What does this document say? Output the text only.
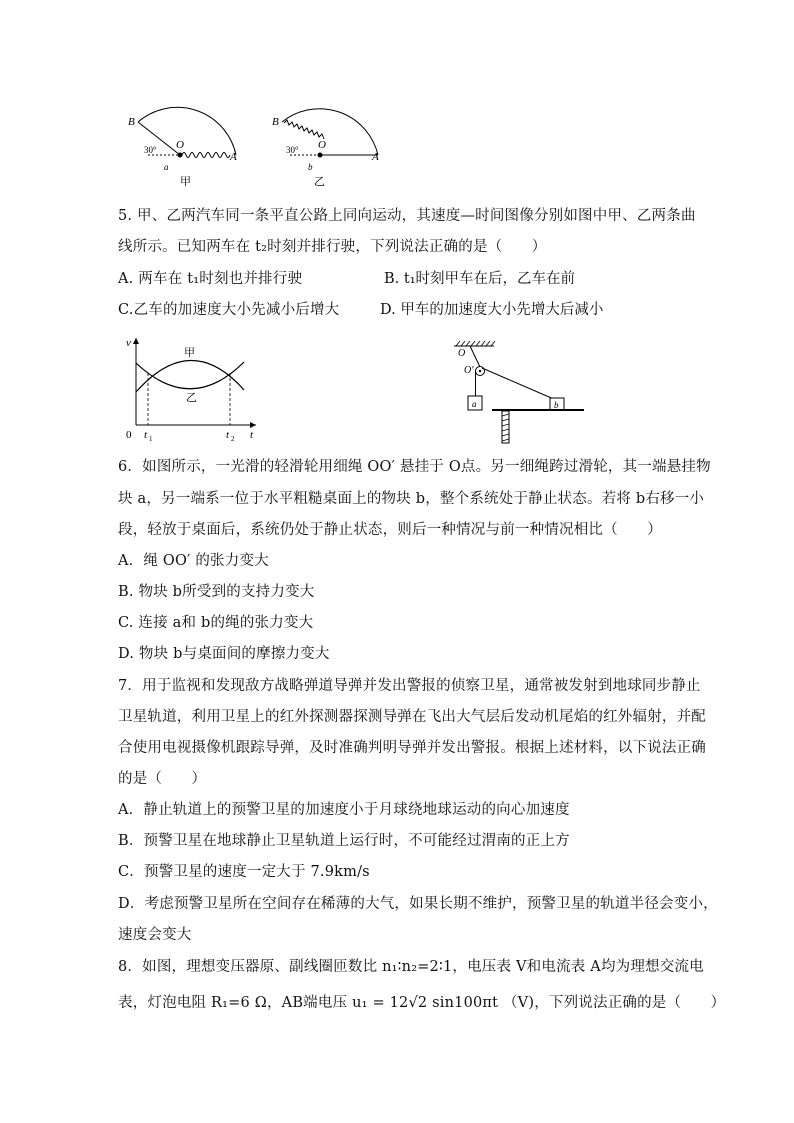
B
O
A
30°
a
甲
B
O
A
30°
b
乙
5. 甲、乙两汽车同一条平直公路上同向运动，其速度—时间图像分别如图中甲、乙两条曲
线所示。已知两车在 t₂时刻并排行驶，下列说法正确的是（　　）
A. 两车在 t₁时刻也并排行驶	B. t₁时刻甲车在后，乙车在前
C.乙车的加速度大小先减小后增大	D. 甲车的加速度大小先增大后减小
v
0 t 1	t 2 t
甲
乙
O
O′
a	b
6．如图所示，一光滑的轻滑轮用细绳 OO′ 悬挂于 O点。另一细绳跨过滑轮，其一端悬挂物
块 a，另一端系一位于水平粗糙桌面上的物块 b，整个系统处于静止状态。若将 b右移一小
段，轻放于桌面后，系统仍处于静止状态，则后一种情况与前一种情况相比（　　）
A．绳 OO′ 的张力变大
B. 物块 b所受到的支持力变大
C. 连接 a和 b的绳的张力变大
D. 物块 b与桌面间的摩擦力变大
7．用于监视和发现敌方战略弹道导弹并发出警报的侦察卫星，通常被发射到地球同步静止
卫星轨道，利用卫星上的红外探测器探测导弹在飞出大气层后发动机尾焰的红外辐射，并配
合使用电视摄像机跟踪导弹，及时准确判明导弹并发出警报。根据上述材料，以下说法正确
的是（　　）
A．静止轨道上的预警卫星的加速度小于月球绕地球运动的向心加速度
B．预警卫星在地球静止卫星轨道上运行时，不可能经过渭南的正上方
C．预警卫星的速度一定大于 7.9km/s
D．考虑预警卫星所在空间存在稀薄的大气，如果长期不维护，预警卫星的轨道半径会变小，
速度会变大
8．如图，理想变压器原、副线圈匝数比 n₁∶n₂=2∶1，电压表 V和电流表 A均为理想交流电
表，灯泡电阻 R₁=6 Ω，AB端电压 u₁ = 12√2 sin100πt （V)，下列说法正确的是（　　）
